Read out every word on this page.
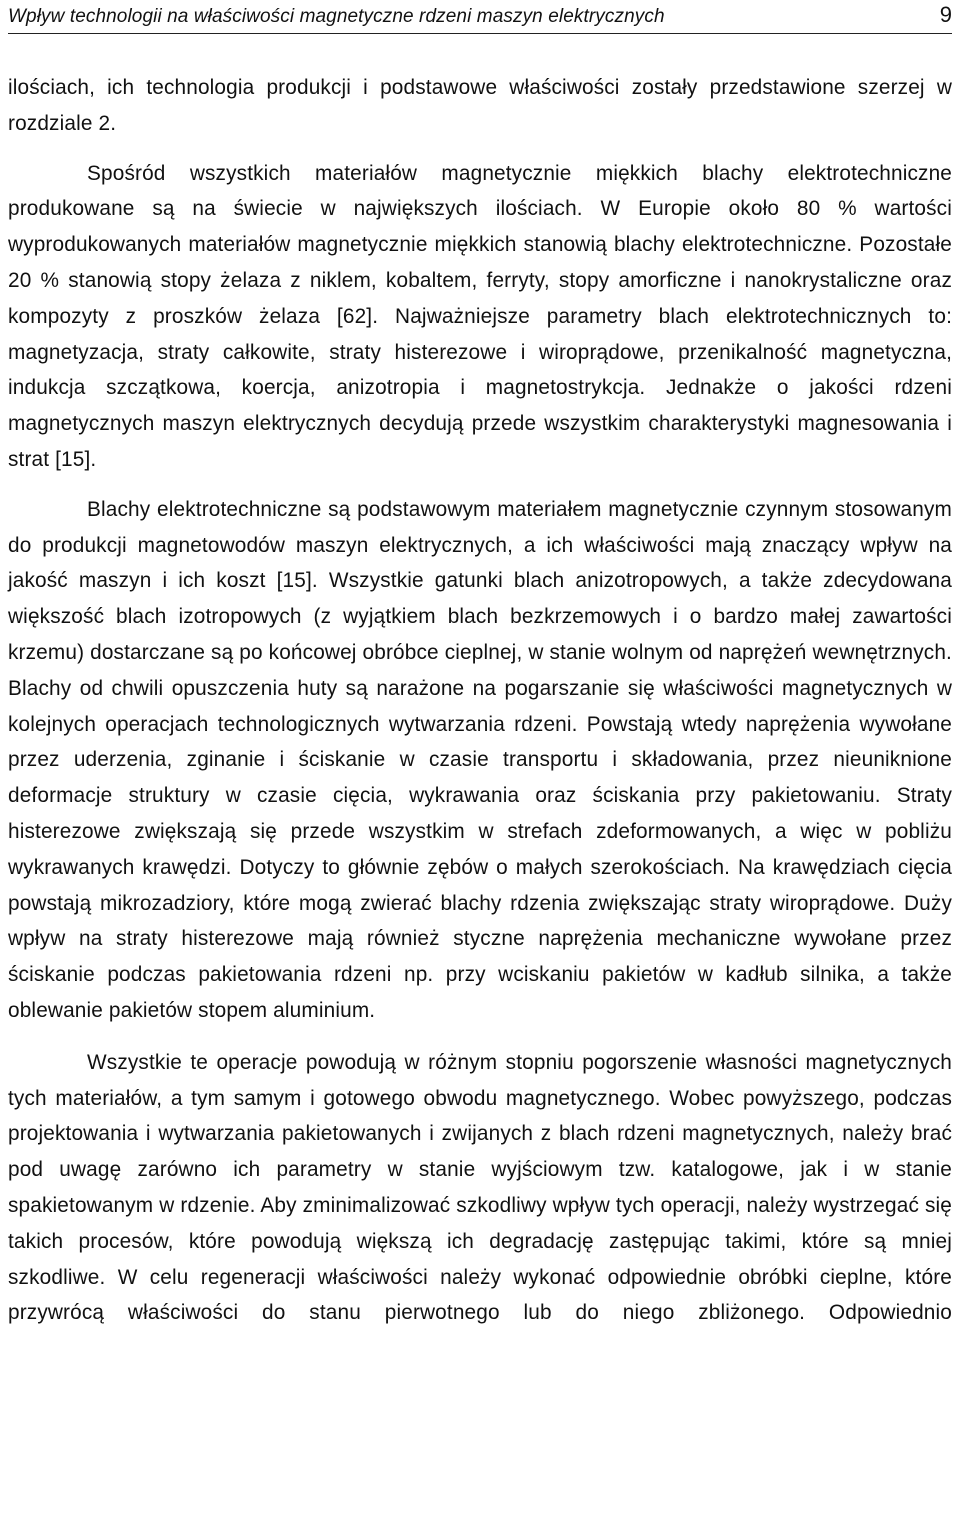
Wpływ technologii na właściwości magnetyczne rdzeni maszyn elektrycznych	9

ilościach, ich technologia produkcji i podstawowe właściwości zostały przedstawione szerzej w rozdziale 2.

Spośród wszystkich materiałów magnetycznie miękkich blachy elektrotechniczne produkowane są na świecie w największych ilościach. W Europie około 80 % wartości wyprodukowanych materiałów magnetycznie miękkich stanowią blachy elektrotechniczne. Pozostałe 20 % stanowią stopy żelaza z niklem, kobaltem, ferryty, stopy amorficzne i nanokrystaliczne oraz kompozyty z proszków żelaza [62]. Najważniejsze parametry blach elektrotechnicznych to: magnetyzacja, straty całkowite, straty histerezowe i wiroprądowe, przenikalność magnetyczna, indukcja szczątkowa, koercja, anizotropia i magnetostrykcja. Jednakże o jakości rdzeni magnetycznych maszyn elektrycznych decydują przede wszystkim charakterystyki magnesowania i strat [15].

Blachy elektrotechniczne są podstawowym materiałem magnetycznie czynnym stosowanym do produkcji magnetowodów maszyn elektrycznych, a ich właściwości mają znaczący wpływ na jakość maszyn i ich koszt [15]. Wszystkie gatunki blach anizotropowych, a także zdecydowana większość blach izotropowych (z wyjątkiem blach bezkrzemowych i o bardzo małej zawartości krzemu) dostarczane są po końcowej obróbce cieplnej, w stanie wolnym od naprężeń wewnętrznych. Blachy od chwili opuszczenia huty są narażone na pogarszanie się właściwości magnetycznych w kolejnych operacjach technologicznych wytwarzania rdzeni. Powstają wtedy naprężenia wywołane przez uderzenia, zginanie i ściskanie w czasie transportu i składowania, przez nieuniknione deformacje struktury w czasie cięcia, wykrawania oraz ściskania przy pakietowaniu. Straty histerezowe zwiększają się przede wszystkim w strefach zdeformowanych, a więc w pobliżu wykrawanych krawędzi. Dotyczy to głównie zębów o małych szerokościach. Na krawędziach cięcia powstają mikrozadziory, które mogą zwierać blachy rdzenia zwiększając straty wiroprądowe. Duży wpływ na straty histerezowe mają również styczne naprężenia mechaniczne wywołane przez ściskanie podczas pakietowania rdzeni np. przy wciskaniu pakietów w kadłub silnika, a także oblewanie pakietów stopem aluminium.

Wszystkie te operacje powodują w różnym stopniu pogorszenie własności magnetycznych tych materiałów, a tym samym i gotowego obwodu magnetycznego. Wobec powyższego, podczas projektowania i wytwarzania pakietowanych i zwijanych z blach rdzeni magnetycznych, należy brać pod uwagę zarówno ich parametry w stanie wyjściowym tzw. katalogowe, jak i w stanie spakietowanym w rdzenie. Aby zminimalizować szkodliwy wpływ tych operacji, należy wystrzegać się takich procesów, które powodują większą ich degradację zastępując takimi, które są mniej szkodliwe. W celu regeneracji właściwości należy wykonać odpowiednie obróbki cieplne, które przywrócą właściwości do stanu pierwotnego lub do niego zbliżonego. Odpowiednio
